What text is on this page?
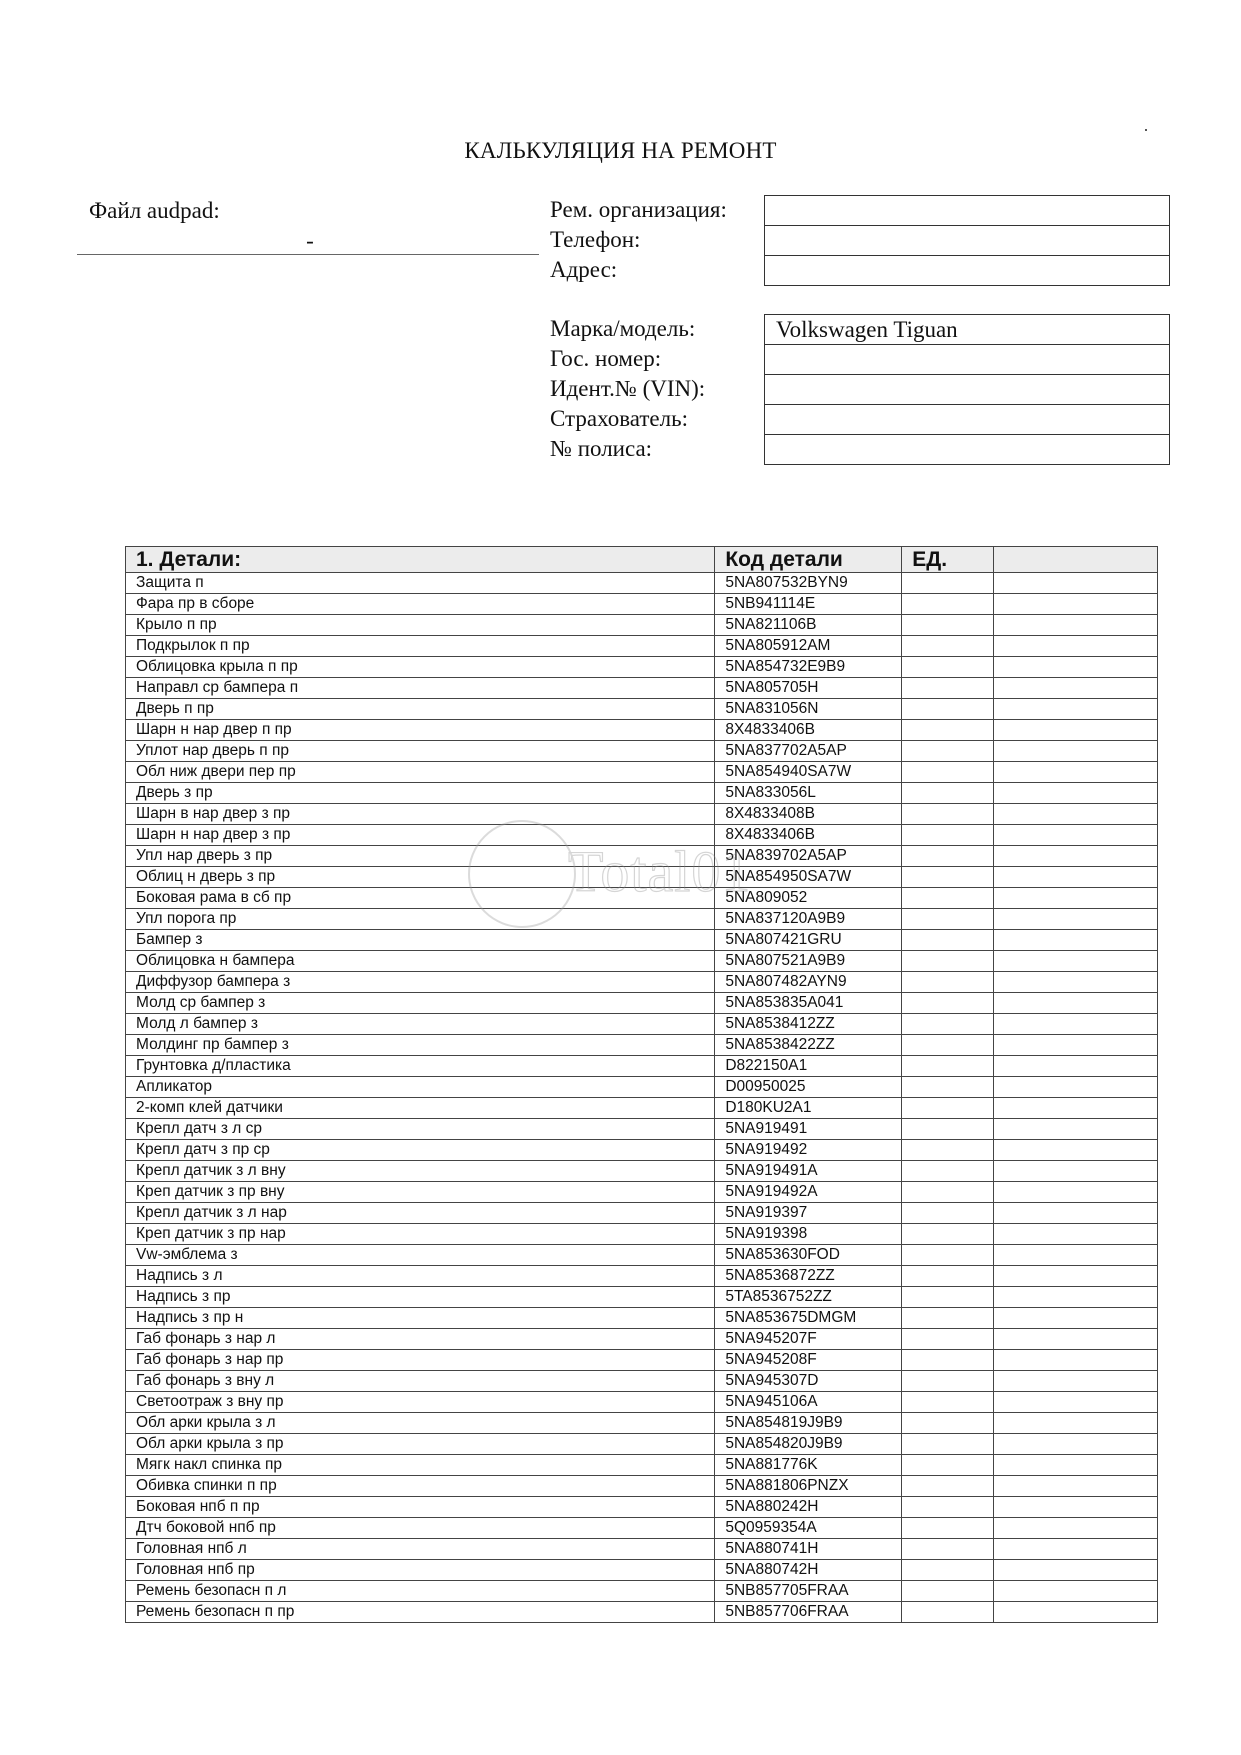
КАЛЬКУЛЯЦИЯ НА РЕМОНТ
Файл audpad:
-
Рем. организация:
Телефон:
Адрес:
Марка/модель:	Volkswagen Tiguan
Гос. номер:
Идент.№ (VIN):
Страхователь:
№ полиса:
1. Детали:	Код детали	ЕД.	
Защита п	5NA807532BYN9		
Фара пр в сборе	5NB941114E		
Крыло п пр	5NA821106B		
Подкрылок п пр	5NA805912AM		
Облицовка крыла п пр	5NA854732E9B9		
Направл ср бампера п	5NA805705H		
Дверь п пр	5NA831056N		
Шарн н нар двер п пр	8X4833406B		
Уплот нар дверь п пр	5NA837702A5AP		
Обл ниж двери пер пр	5NA854940SA7W		
Дверь з пр	5NA833056L		
Шарн в нар двер з пр	8X4833408B		
Шарн н нар двер з пр	8X4833406B		
Упл нар дверь з пр	5NA839702A5AP		
Облиц н дверь з пр	5NA854950SA7W		
Боковая рама в сб пр	5NA809052		
Упл порога пр	5NA837120A9B9		
Бампер з	5NA807421GRU		
Облицовка н бампера	5NA807521A9B9		
Диффузор бампера з	5NA807482AYN9		
Молд ср бампер з	5NA853835A041		
Молд л бампер з	5NA8538412ZZ		
Молдинг пр бампер з	5NA8538422ZZ		
Грунтовка д/пластика	D822150A1		
Апликатор	D00950025		
2-комп клей датчики	D180KU2A1		
Крепл датч з л ср	5NA919491		
Крепл датч з пр ср	5NA919492		
Крепл датчик з л вну	5NA919491A		
Креп датчик з пр вну	5NA919492A		
Крепл датчик з л нар	5NA919397		
Креп датчик з пр нар	5NA919398		
Vw-эмблема з	5NA853630FOD		
Надпись з л	5NA8536872ZZ		
Надпись з пр	5TA8536752ZZ		
Надпись з пр н	5NA853675DMGM		
Габ фонарь з нар л	5NA945207F		
Габ фонарь з нар пр	5NA945208F		
Габ фонарь з вну л	5NA945307D		
Светоотраж з вну пр	5NA945106A		
Обл арки крыла з л	5NA854819J9B9		
Обл арки крыла з пр	5NA854820J9B9		
Мягк накл спинка пр	5NA881776K		
Обивка спинки п пр	5NA881806PNZX		
Боковая нпб п пр	5NA880242H		
Дтч боковой нпб пр	5Q0959354A		
Головная нпб л	5NA880741H		
Головная нпб пр	5NA880742H		
Ремень безопасн п л	5NB857705FRAA		
Ремень безопасн п пр	5NB857706FRAA		
Total01
